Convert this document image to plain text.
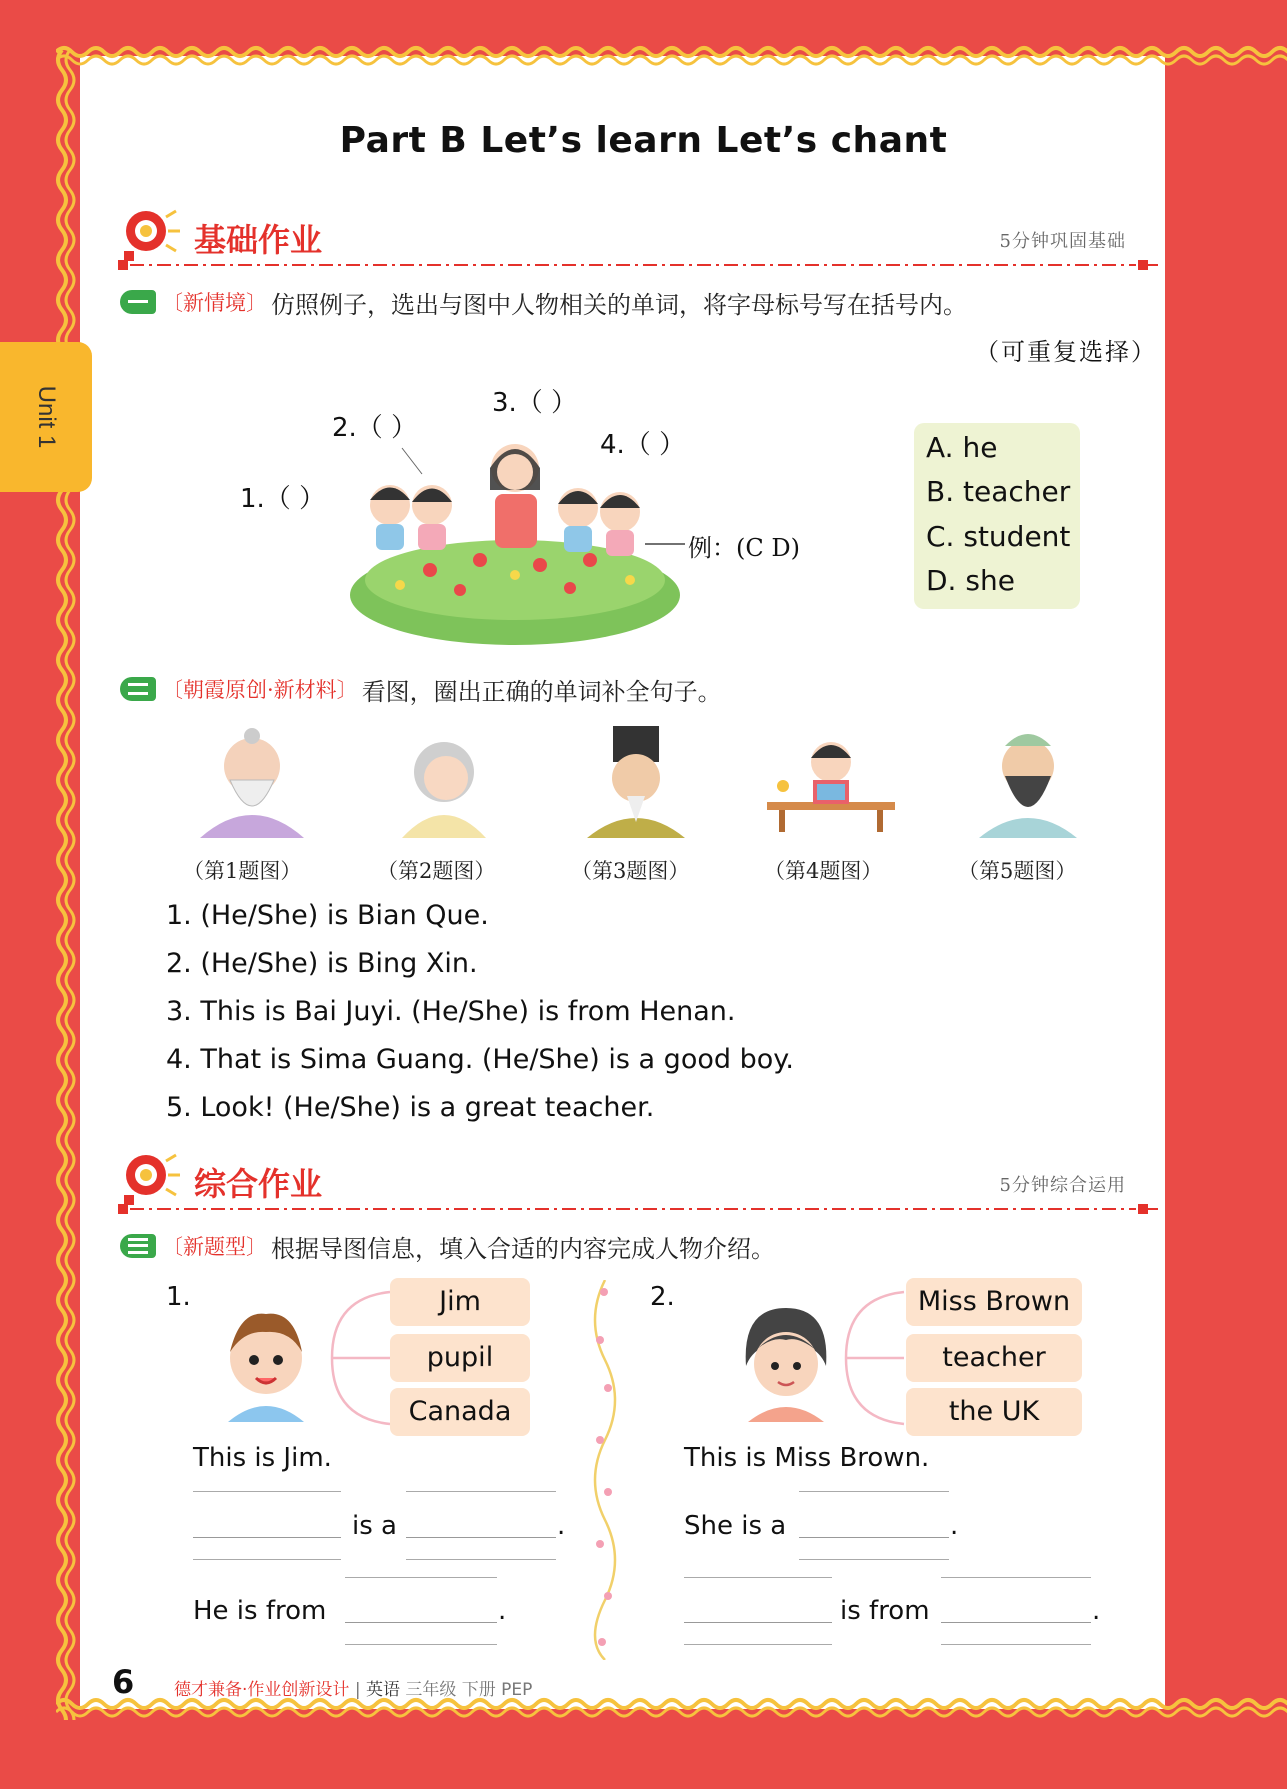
Unit 1
Part B Let’s learn Let’s chant
基础作业	5分钟巩固基础
〔新情境〕 仿照例子，选出与图中人物相关的单词，将字母标号写在括号内。
（可重复选择）
1.（ ）
2.（ ）
3.（ ）
4.（ ）
例：(C D)
A. he
B. teacher
C. student
D. she
〔朝霞原创·新材料〕 看图，圈出正确的单词补全句子。
（第1题图）	（第2题图）	（第3题图）	（第4题图）	（第5题图）
1. (He/She) is Bian Que.
2. (He/She) is Bing Xin.
3. This is Bai Juyi. (He/She) is from Henan.
4. That is Sima Guang. (He/She) is a good boy.
5. Look! (He/She) is a great teacher.
综合作业	5分钟综合运用
〔新题型〕 根据导图信息，填入合适的内容完成人物介绍。
1.	Jim
pupil
Canada
This is Jim.
is a	.
He is from	.
2.	Miss Brown
teacher
the UK
This is Miss Brown.
She is a	.
is from	.
6 德才兼备·作业创新设计 | 英语 三年级 下册 PEP
